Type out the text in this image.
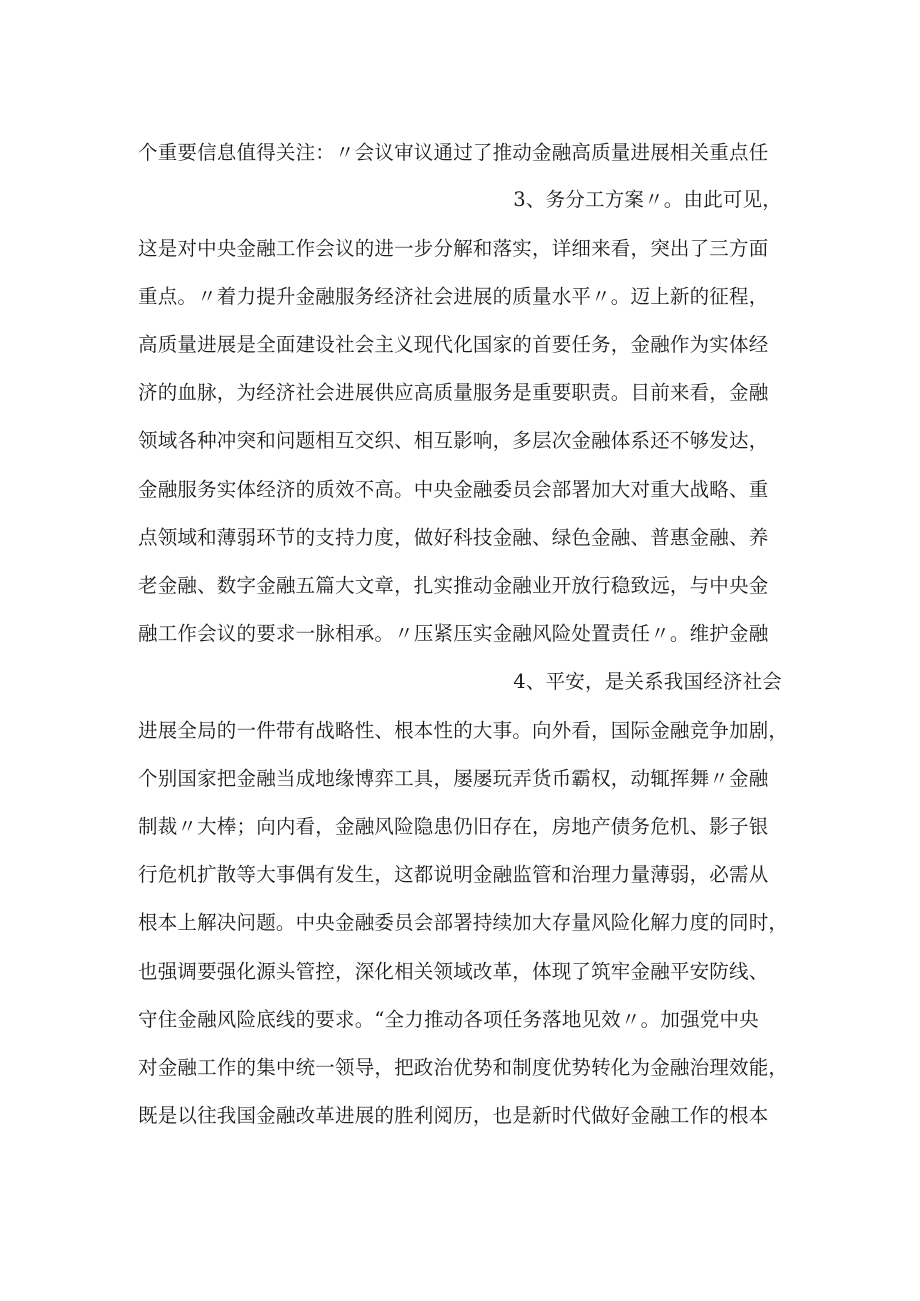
个重要信息值得关注：〃会议审议通过了推动金融高质量进展相关重点任
3、务分工方案〃。由此可见，
这是对中央金融工作会议的进一步分解和落实，详细来看，突出了三方面
重点。〃着力提升金融服务经济社会进展的质量水平〃。迈上新的征程，
高质量进展是全面建设社会主义现代化国家的首要任务，金融作为实体经
济的血脉，为经济社会进展供应高质量服务是重要职责。目前来看，金融
领域各种冲突和问题相互交织、相互影响，多层次金融体系还不够发达，
金融服务实体经济的质效不高。中央金融委员会部署加大对重大战略、重
点领域和薄弱环节的支持力度，做好科技金融、绿色金融、普惠金融、养
老金融、数字金融五篇大文章，扎实推动金融业开放行稳致远，与中央金
融工作会议的要求一脉相承。〃压紧压实金融风险处置责任〃。维护金融
4、平安，是关系我国经济社会
进展全局的一件带有战略性、根本性的大事。向外看，国际金融竞争加剧，
个别国家把金融当成地缘博弈工具，屡屡玩弄货币霸权，动辄挥舞〃金融
制裁〃大棒；向内看，金融风险隐患仍旧存在，房地产债务危机、影子银
行危机扩散等大事偶有发生，这都说明金融监管和治理力量薄弱，必需从
根本上解决问题。中央金融委员会部署持续加大存量风险化解力度的同时，
也强调要强化源头管控，深化相关领域改革，体现了筑牢金融平安防线、
守住金融风险底线的要求。“全力推动各项任务落地见效〃。加强党中央
对金融工作的集中统一领导，把政治优势和制度优势转化为金融治理效能，
既是以往我国金融改革进展的胜利阅历，也是新时代做好金融工作的根本
